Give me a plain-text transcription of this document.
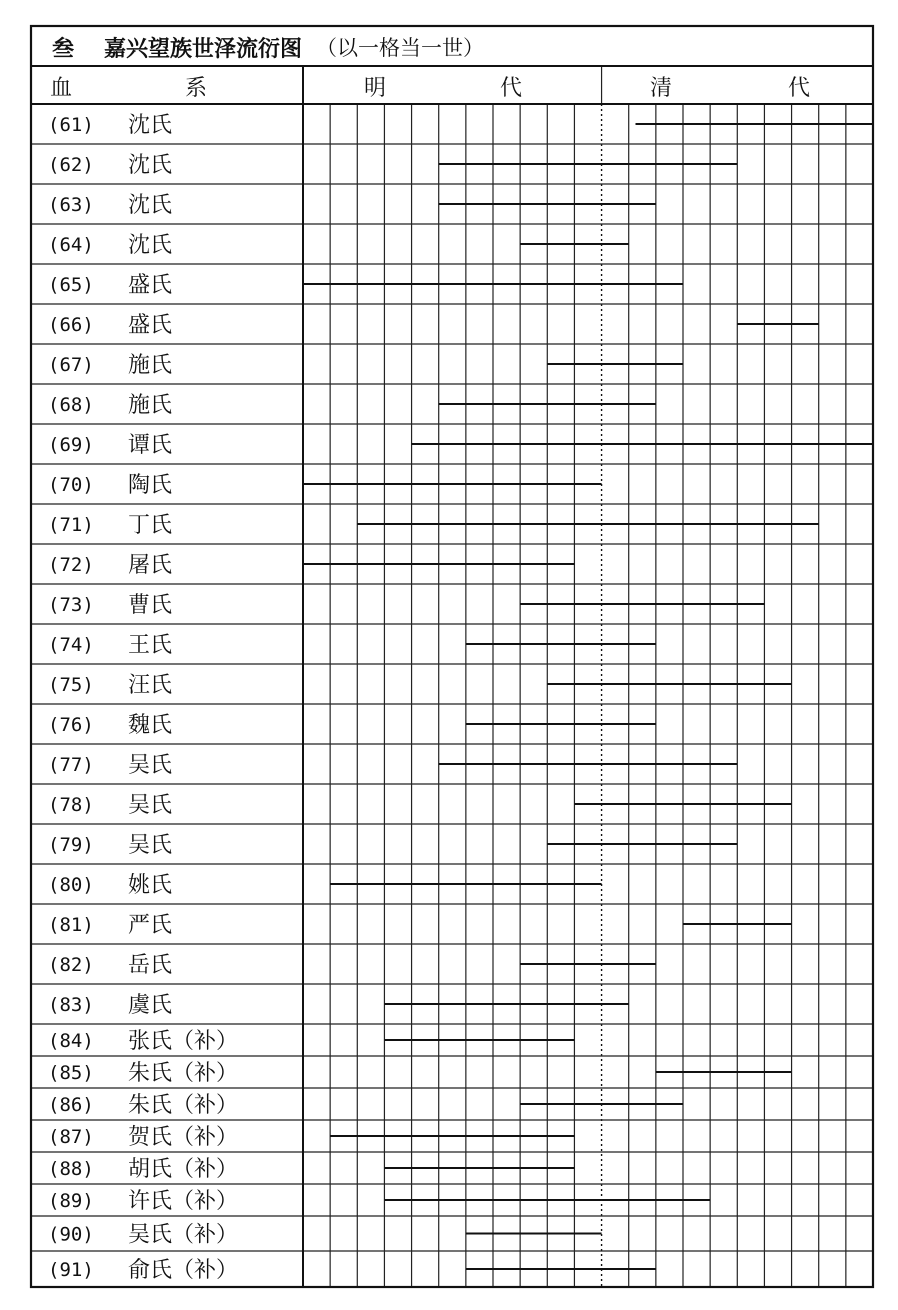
叁 嘉兴望族世泽流衍图 （以一格当一世）
血	系	明	代	清	代
(61) 沈氏
(62) 沈氏
(63) 沈氏
(64) 沈氏
(65) 盛氏
(66) 盛氏
(67) 施氏
(68) 施氏
(69) 谭氏
(70) 陶氏
(71) 丁氏
(72) 屠氏
(73) 曹氏
(74) 王氏
(75) 汪氏
(76) 魏氏
(77) 吴氏
(78) 吴氏
(79) 吴氏
(80) 姚氏
(81) 严氏
(82) 岳氏
(83) 虞氏
(84) 张氏（补）
(85) 朱氏（补）
(86) 朱氏（补）
(87) 贺氏（补）
(88) 胡氏（补）
(89) 许氏（补）
(90) 吴氏（补）
(91) 俞氏（补）
